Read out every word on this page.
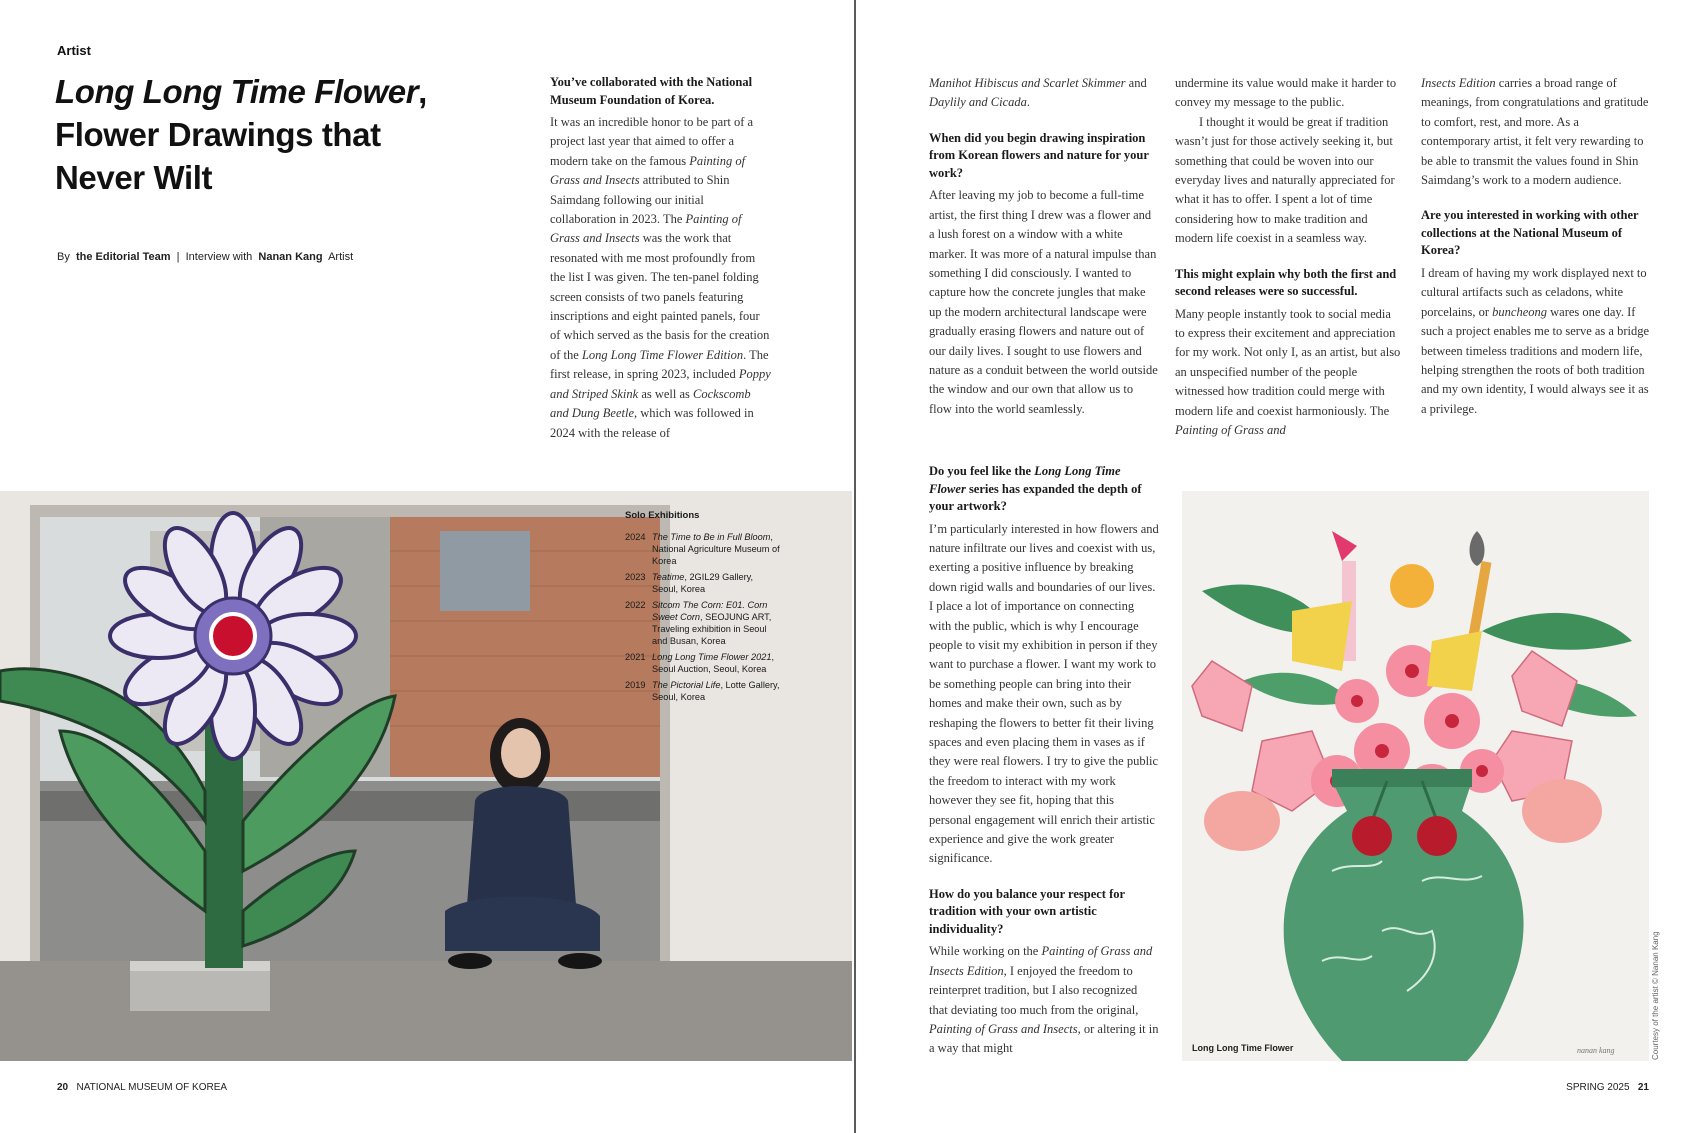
Artist
Long Long Time Flower,
Flower Drawings that Never Wilt
By the Editorial Team | Interview with Nanan Kang Artist

You’ve collaborated with the National Museum Foundation of Korea.

It was an incredible honor to be part of a project last year that aimed to offer a modern take on the famous Painting of Grass and Insects attributed to Shin Saimdang following our initial collaboration in 2023. The Painting of Grass and Insects was the work that resonated with me most profoundly from the list I was given. The ten-panel folding screen consists of two panels featuring inscriptions and eight painted panels, four of which served as the basis for the creation of the Long Long Time Flower Edition. The first release, in spring 2023, included Poppy and Striped Skink as well as Cockscomb and Dung Beetle, which was followed in 2024 with the release of

Solo Exhibitions
2024 The Time to Be in Full Bloom, National Agriculture Museum of Korea
2023 Teatime, 2GIL29 Gallery, Seoul, Korea
2022 Sitcom The Corn: E01. Corn Sweet Corn, SEOJUNG ART, Traveling exhibition in Seoul and Busan, Korea
2021 Long Long Time Flower 2021, Seoul Auction, Seoul, Korea
2019 The Pictorial Life, Lotte Gallery, Seoul, Korea
20 NATIONAL MUSEUM OF KOREA

Manihot Hibiscus and Scarlet Skimmer and Daylily and Cicada.

When did you begin drawing inspiration from Korean flowers and nature for your work?

After leaving my job to become a full-time artist, the first thing I drew was a flower and a lush forest on a window with a white marker. It was more of a natural impulse than something I did consciously. I wanted to capture how the concrete jungles that make up the modern architectural landscape were gradually erasing flowers and nature out of our daily lives. I sought to use flowers and nature as a conduit between the world outside the window and our own that allow us to flow into the world seamlessly.

undermine its value would make it harder to convey my message to the public.

I thought it would be great if tradition wasn’t just for those actively seeking it, but something that could be woven into our everyday lives and naturally appreciated for what it has to offer. I spent a lot of time considering how to make tradition and modern life coexist in a seamless way.

This might explain why both the first and second releases were so successful.

Many people instantly took to social media to express their excitement and appreciation for my work. Not only I, as an artist, but also an unspecified number of the people witnessed how tradition could merge with modern life and coexist harmoniously. The Painting of Grass and

Insects Edition carries a broad range of meanings, from congratulations and gratitude to comfort, rest, and more. As a contemporary artist, it felt very rewarding to be able to transmit the values found in Shin Saimdang’s work to a modern audience.

Are you interested in working with other collections at the National Museum of Korea?

I dream of having my work displayed next to cultural artifacts such as celadons, white porcelains, or buncheong wares one day. If such a project enables me to serve as a bridge between timeless traditions and modern life, helping strengthen the roots of both tradition and my own identity, I would always see it as a privilege.

Do you feel like the Long Long Time Flower series has expanded the depth of your artwork?

I’m particularly interested in how flowers and nature infiltrate our lives and coexist with us, exerting a positive influence by breaking down rigid walls and boundaries of our lives. I place a lot of importance on connecting with the public, which is why I encourage people to visit my exhibition in person if they want to purchase a flower. I want my work to be something people can bring into their homes and make their own, such as by reshaping the flowers to better fit their living spaces and even placing them in vases as if they were real flowers. I try to give the public the freedom to interact with my work however they see fit, hoping that this personal engagement will enrich their artistic experience and give the work greater significance.

How do you balance your respect for tradition with your own artistic individuality?

While working on the Painting of Grass and Insects Edition, I enjoyed the freedom to reinterpret tradition, but I also recognized that deviating too much from the original, Painting of Grass and Insects, or altering it in a way that might	Long Long Time Flower	nanan kang	Courtesy of the artist © Nanan Kang
SPRING 2025 21
